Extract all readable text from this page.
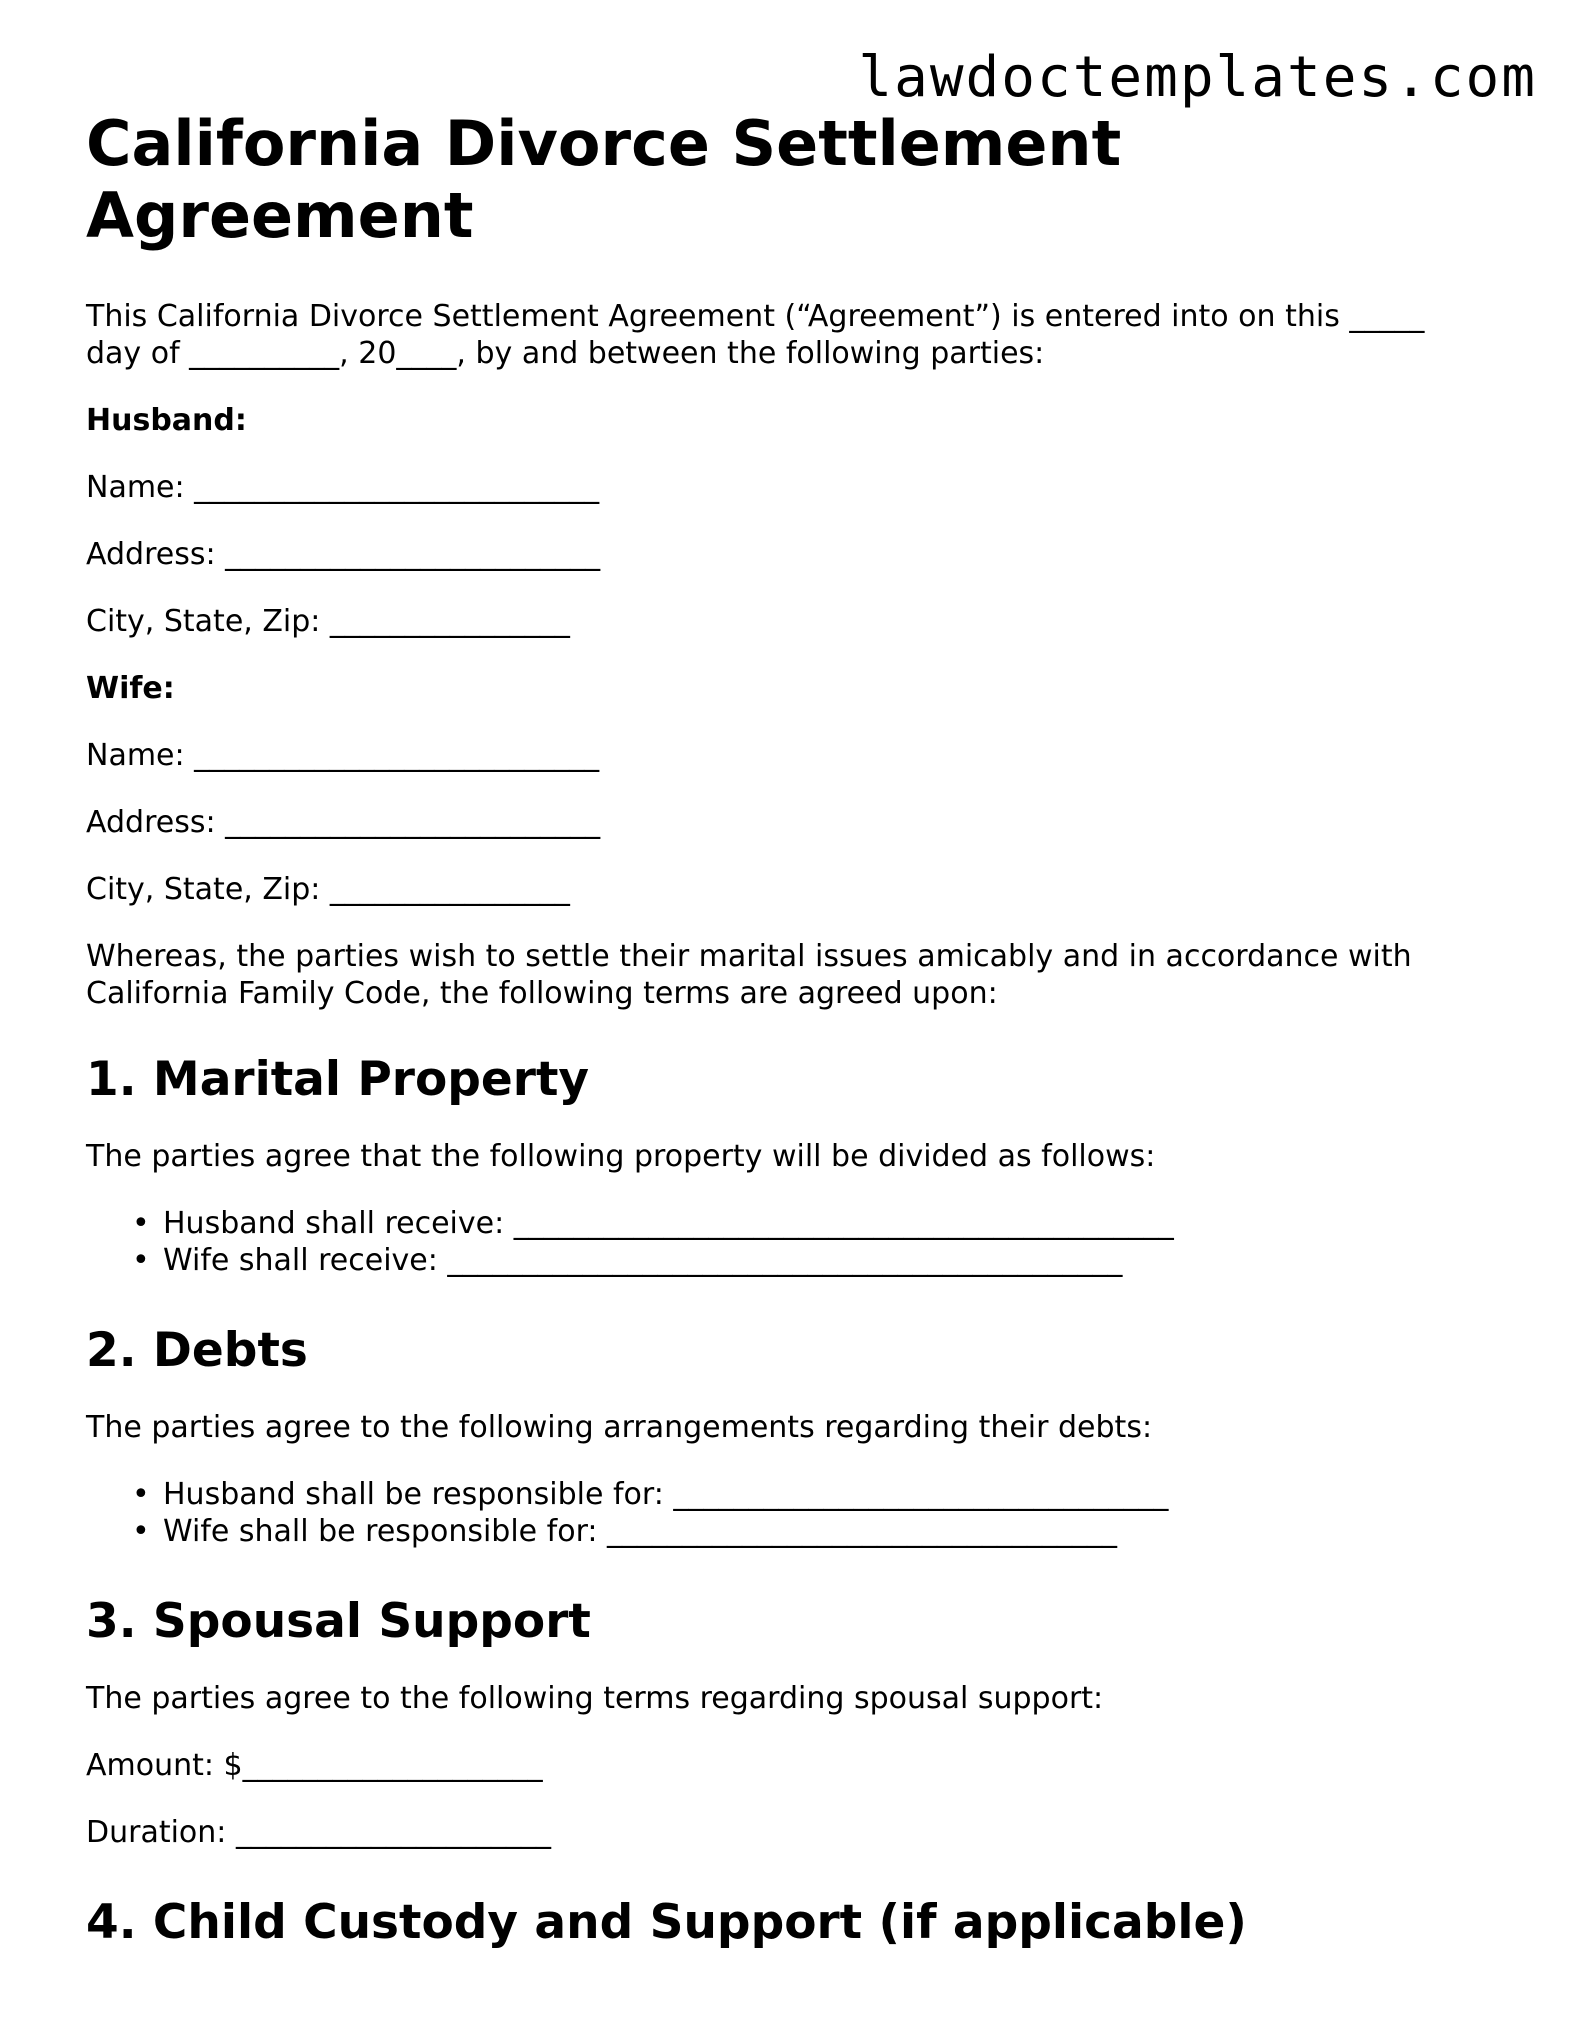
lawdoctemplates.com
California Divorce Settlement Agreement

This California Divorce Settlement Agreement (“Agreement”) is entered into on this _____ day of __________, 20____, by and between the following parties:

Husband:

Name: ___________________________

Address: _________________________

City, State, Zip: ________________

Wife:

Name: ___________________________

Address: _________________________

City, State, Zip: ________________

Whereas, the parties wish to settle their marital issues amicably and in accordance with California Family Code, the following terms are agreed upon:

1. Marital Property

The parties agree that the following property will be divided as follows:

• Husband shall receive: ____________________________________________
• Wife shall receive: _____________________________________________
2. Debts

The parties agree to the following arrangements regarding their debts:

• Husband shall be responsible for: _________________________________
• Wife shall be responsible for: __________________________________
3. Spousal Support

The parties agree to the following terms regarding spousal support:

Amount: $____________________

Duration: _____________________

4. Child Custody and Support (if applicable)
